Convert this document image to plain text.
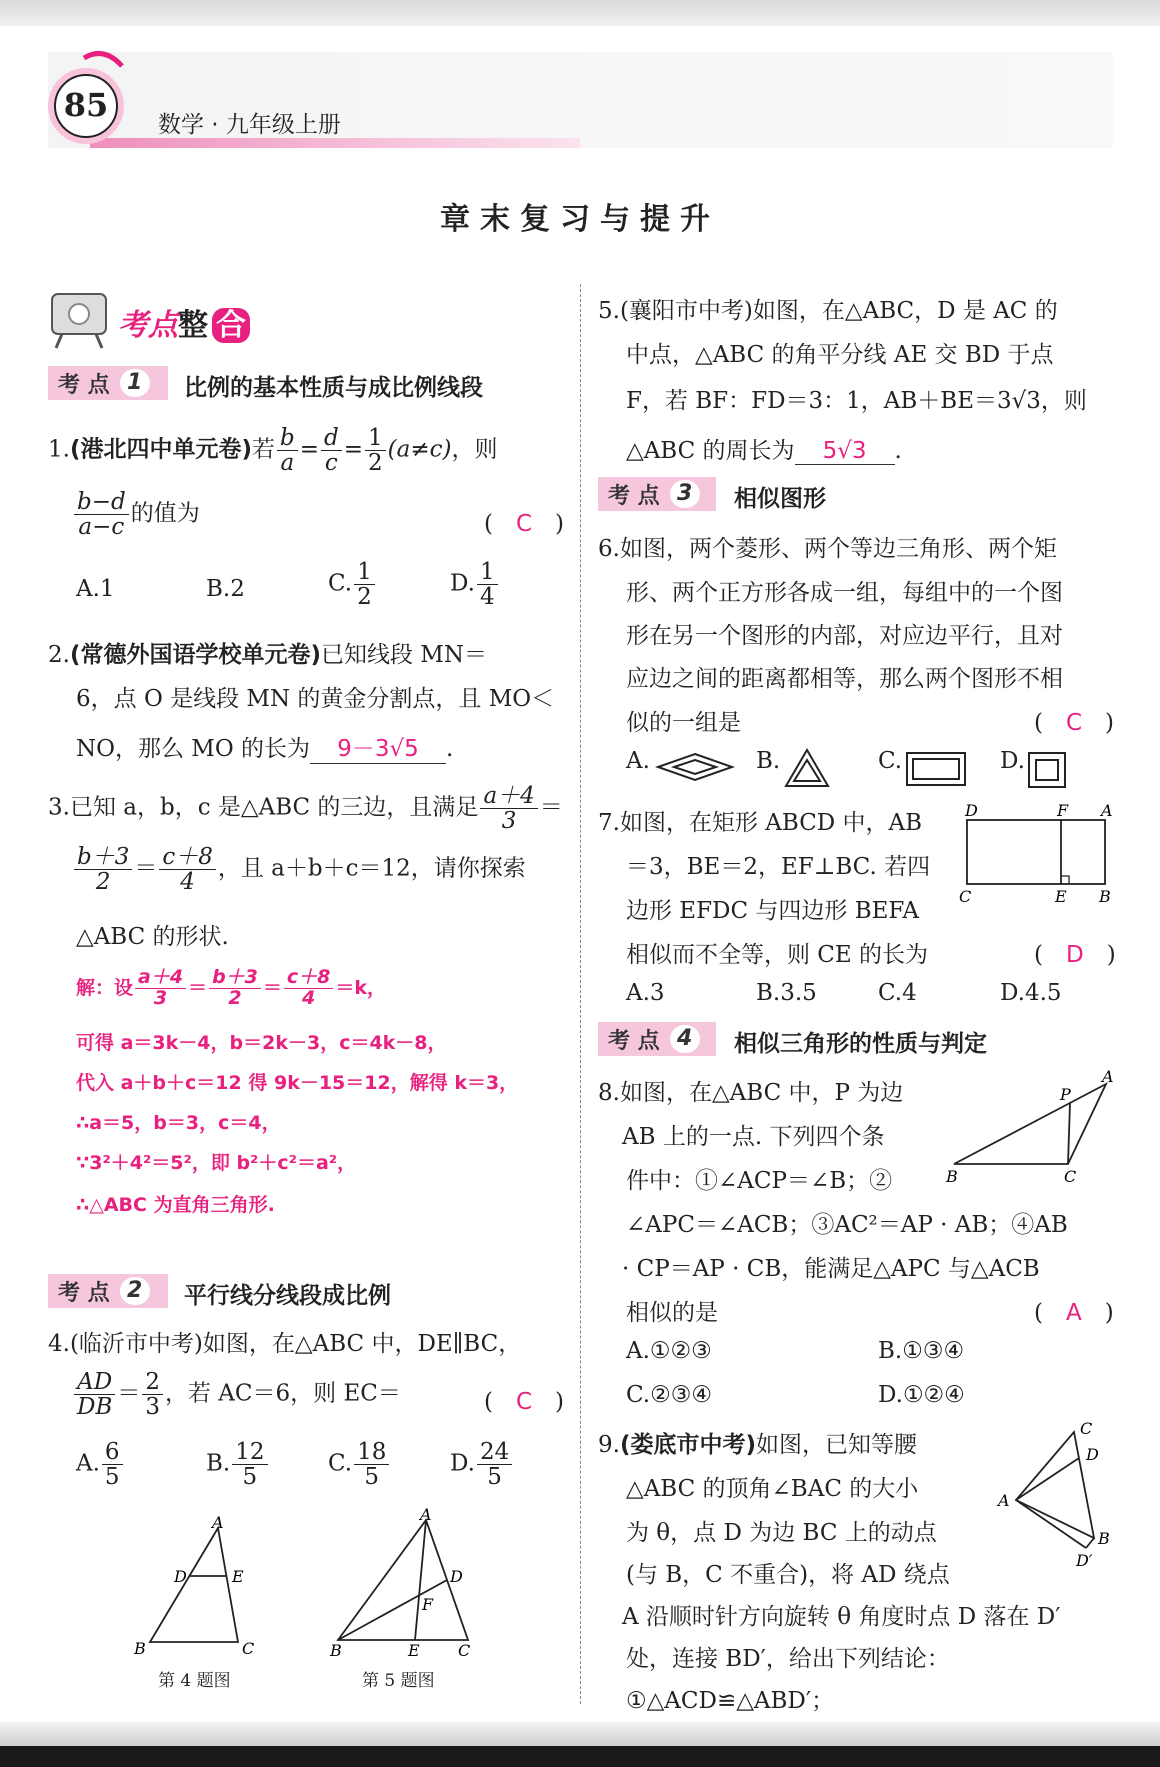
85
数学 · 九年级上册
章末复习与提升
考点整 合
考 点 1	比例的基本性质与成比例线段
1.(港北四中单元卷)若 $\frac{b}{a} = \frac{d}{c} = \frac{1}{2} (a\ne c)$，则
$\frac{b-d}{a-c}$ 的值为	(　C　)
A.1	B.2	C. $\frac{1}{2}$	D. $\frac{1}{4}$
2.(常德外国语学校单元卷)已知线段 MN＝
6，点 O 是线段 MN 的黄金分割点，且 MO＜
NO，那么 MO 的长为 9－3√5 .
3.已知 a，b，c 是△ABC 的三边，且满足 $\frac{a+4}{3}$ ＝
$\frac{b+3}{2} = \frac{c+8}{4}$ ，且 a＋b＋c＝12，请你探索
△ABC 的形状.
解：设 $\frac{a+4}{3} = \frac{b+3}{2} = \frac{c+8}{4} =k$，
可得 a＝3k－4，b＝2k－3，c＝4k－8，
代入 a＋b＋c＝12 得 9k－15＝12，解得 k＝3，
∴a＝5，b＝3，c＝4，
∵3²＋4²＝5²，即 b²＋c²＝a²，
∴△ABC 为直角三角形.
考 点 2	平行线分线段成比例
4.(临沂市中考)如图，在△ABC 中，DE∥BC，
$\frac{AD}{DB} = \frac{2}{3}$ ，若 AC＝6，则 EC＝	(　C　)
A. $\frac{6}{5}$	B. $\frac{12}{5}$	C. $\frac{18}{5}$	D. $\frac{24}{5}$
A
B	C
D	E
第 4 题图
A
B	C
D
E
F
第 5 题图
5.(襄阳市中考)如图，在△ABC，D 是 AC 的
中点，△ABC 的角平分线 AE 交 BD 于点
F，若 BF：FD＝3：1，AB＋BE＝3√3，则
△ABC 的周长为 5√3 .
考 点 3	相似图形
6.如图，两个菱形、两个等边三角形、两个矩
形、两个正方形各成一组，每组中的一个图
形在另一个图形的内部，对应边平行，且对
应边之间的距离都相等，那么两个图形不相
似的一组是	(　C　)
A.	B.	C.	D.
7.如图，在矩形 ABCD 中，AB
＝3，BE＝2，EF⊥BC. 若四
边形 EFDC 与四边形 BEFA
相似而不全等，则 CE 的长为	(　D　)
D	F A
C	E B
A.3	B.3.5	C.4	D.4.5
考 点 4	相似三角形的性质与判定
8.如图，在△ABC 中，P 为边
AB 上的一点. 下列四个条
件中：①∠ACP＝∠B；②
∠APC＝∠ACB；③AC²＝AP · AB；④AB
· CP＝AP · CB，能满足△APC 与△ACB
相似的是	(　A　)
A
P
B	C
A.①②③	B.①③④
C.②③④	D.①②④
9.(娄底市中考)如图，已知等腰
△ABC 的顶角∠BAC 的大小
为 θ，点 D 为边 BC 上的动点
(与 B，C 不重合)，将 AD 绕点
A 沿顺时针方向旋转 θ 角度时点 D 落在 D′
处，连接 BD′，给出下列结论：
①△ACD≌△ABD′；
A
C
D
B
D′
